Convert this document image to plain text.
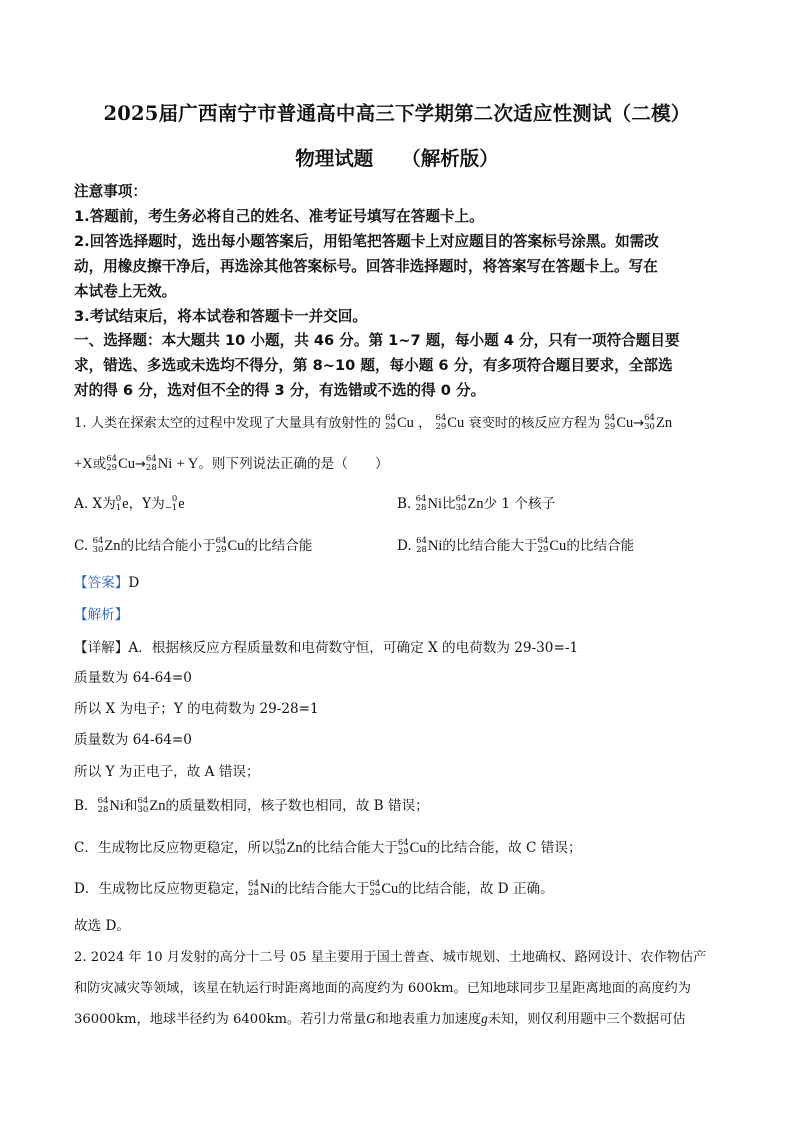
2025届广西南宁市普通高中高三下学期第二次适应性测试（二模）
物理试题 （解析版）
注意事项：
1.答题前，考生务必将自己的姓名、准考证号填写在答题卡上。
2.回答选择题时，选出每小题答案后，用铅笔把答题卡上对应题目的答案标号涂黑。如需改
动，用橡皮擦干净后，再选涂其他答案标号。回答非选择题时，将答案写在答题卡上。写在
本试卷上无效。
3.考试结束后，将本试卷和答题卡一并交回。
一、选择题：本大题共 10 小题，共 46 分。第 1~7 题，每小题 4 分，只有一项符合题目要
求，错选、多选或未选均不得分，第 8~10 题，每小题 6 分，有多项符合题目要求，全部选
对的得 6 分，选对但不全的得 3 分，有选错或不选的得 0 分。
1. 人类在探索太空的过程中发现了大量具有放射性的 64
29 Cu ， 64
29 Cu 衰变时的核反应方程为 64
29 Cu→ 64
30 Zn
+X或 64
29 Cu→ 64
28 Ni + Y。则下列说法正确的是（　　）
A. X为 0
1 e，Y为 0
−1 e	B. 64
28 Ni比 64
30 Zn少 1 个核子
C. 64
30 Zn的比结合能小于 64
29 Cu的比结合能	D. 64
28 Ni的比结合能大于 64
29 Cu的比结合能
【答案】D
【解析】
【详解】A．根据核反应方程质量数和电荷数守恒，可确定 X 的电荷数为 29-30=-1
质量数为 64-64=0
所以 X 为电子；Y 的电荷数为 29-28=1
质量数为 64-64=0
所以 Y 为正电子，故 A 错误；
B． 64
28 Ni和 64
30 Zn的质量数相同，核子数也相同，故 B 错误；
C．生成物比反应物更稳定，所以 64
30 Zn的比结合能大于 64
29 Cu的比结合能，故 C 错误；
D．生成物比反应物更稳定， 64
28 Ni的比结合能大于 64
29 Cu的比结合能，故 D 正确。
故选 D。
2. 2024 年 10 月发射的高分十二号 05 星主要用于国土普查、城市规划、土地确权、路网设计、农作物估产
和防灾减灾等领域，该星在轨运行时距离地面的高度约为 600km。已知地球同步卫星距离地面的高度约为
36000km，地球半径约为 6400km。若引力常量G和地表重力加速度g未知，则仅利用题中三个数据可估
